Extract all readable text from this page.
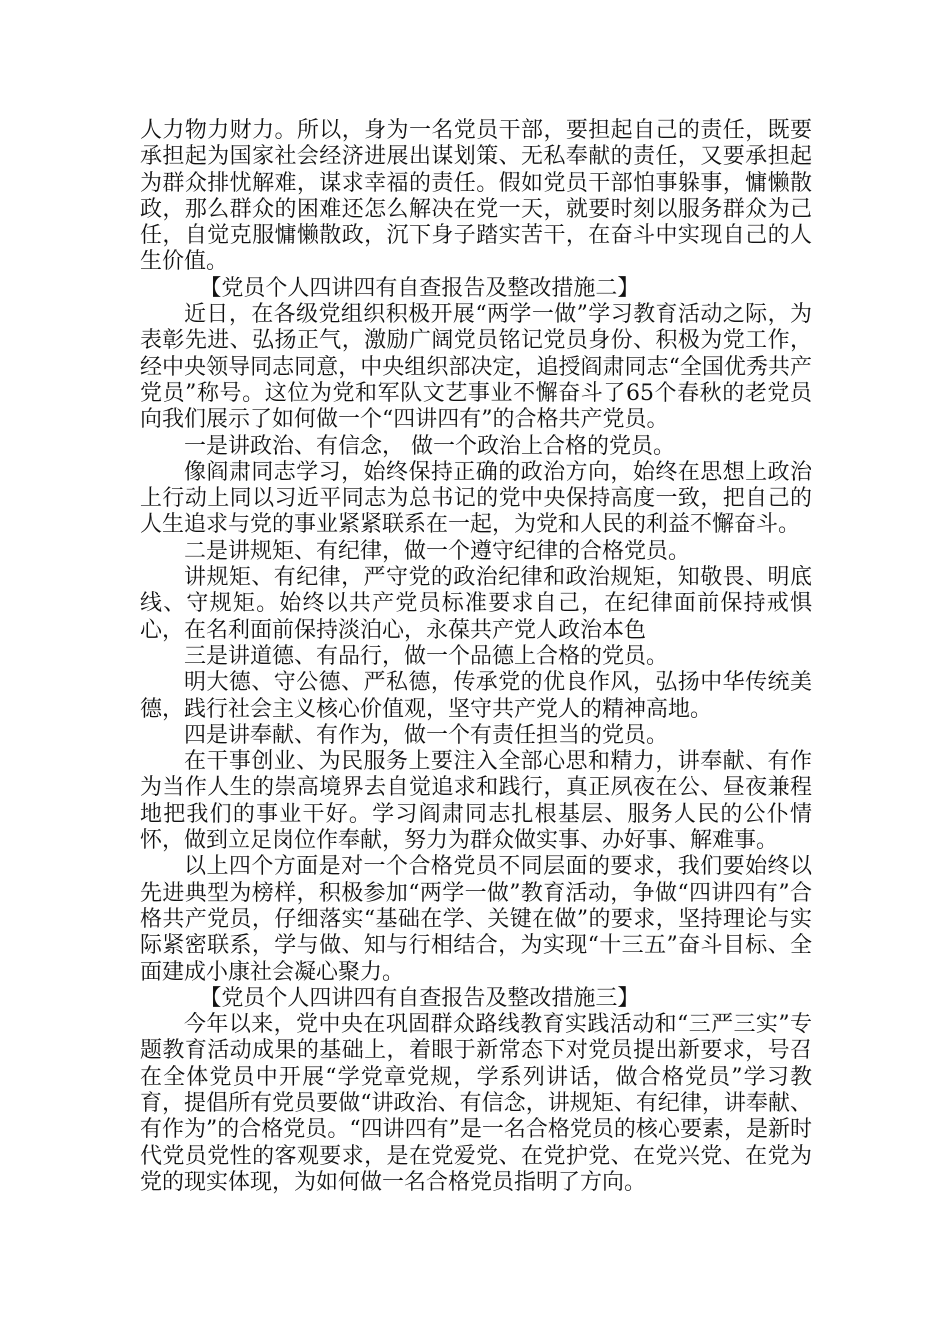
人力物力财力。所以，身为一名党员干部，要担起自己的责任，既要承担起为国家社会经济进展出谋划策、无私奉献的责任，又要承担起为群众排忧解难，谋求幸福的责任。假如党员干部怕事躲事，慵懒散政，那么群众的困难还怎么解决在党一天，就要时刻以服务群众为己任，自觉克服慵懒散政，沉下身子踏实苦干，在奋斗中实现自己的人生价值。

【党员个人四讲四有自查报告及整改措施二】

近日，在各级党组织积极开展“两学一做”学习教育活动之际，为表彰先进、弘扬正气，激励广阔党员铭记党员身份、积极为党工作，经中央领导同志同意，中央组织部决定，追授阎肃同志“全国优秀共产党员”称号。这位为党和军队文艺事业不懈奋斗了65个春秋的老党员向我们展示了如何做一个“四讲四有”的合格共产党员。

一是讲政治、有信念， 做一个政治上合格的党员。

像阎肃同志学习，始终保持正确的政治方向，始终在思想上政治上行动上同以习近平同志为总书记的党中央保持高度一致，把自己的人生追求与党的事业紧紧联系在一起，为党和人民的利益不懈奋斗。

二是讲规矩、有纪律，做一个遵守纪律的合格党员。

讲规矩、有纪律，严守党的政治纪律和政治规矩，知敬畏、明底线、守规矩。始终以共产党员标准要求自己，在纪律面前保持戒惧心，在名利面前保持淡泊心，永葆共产党人政治本色

三是讲道德、有品行，做一个品德上合格的党员。

明大德、守公德、严私德，传承党的优良作风，弘扬中华传统美德，践行社会主义核心价值观，坚守共产党人的精神高地。

四是讲奉献、有作为，做一个有责任担当的党员。

在干事创业、为民服务上要注入全部心思和精力，讲奉献、有作为当作人生的崇高境界去自觉追求和践行，真正夙夜在公、昼夜兼程地把我们的事业干好。学习阎肃同志扎根基层、服务人民的公仆情怀，做到立足岗位作奉献，努力为群众做实事、办好事、解难事。

以上四个方面是对一个合格党员不同层面的要求，我们要始终以先进典型为榜样，积极参加“两学一做”教育活动，争做“四讲四有”合格共产党员，仔细落实“基础在学、关键在做”的要求，坚持理论与实际紧密联系，学与做、知与行相结合，为实现“十三五”奋斗目标、全面建成小康社会凝心聚力。

【党员个人四讲四有自查报告及整改措施三】

今年以来，党中央在巩固群众路线教育实践活动和“三严三实”专题教育活动成果的基础上，着眼于新常态下对党员提出新要求，号召在全体党员中开展“学党章党规，学系列讲话，做合格党员”学习教育，提倡所有党员要做“讲政治、有信念，讲规矩、有纪律，讲奉献、有作为”的合格党员。“四讲四有”是一名合格党员的核心要素，是新时代党员党性的客观要求，是在党爱党、在党护党、在党兴党、在党为党的现实体现，为如何做一名合格党员指明了方向。
